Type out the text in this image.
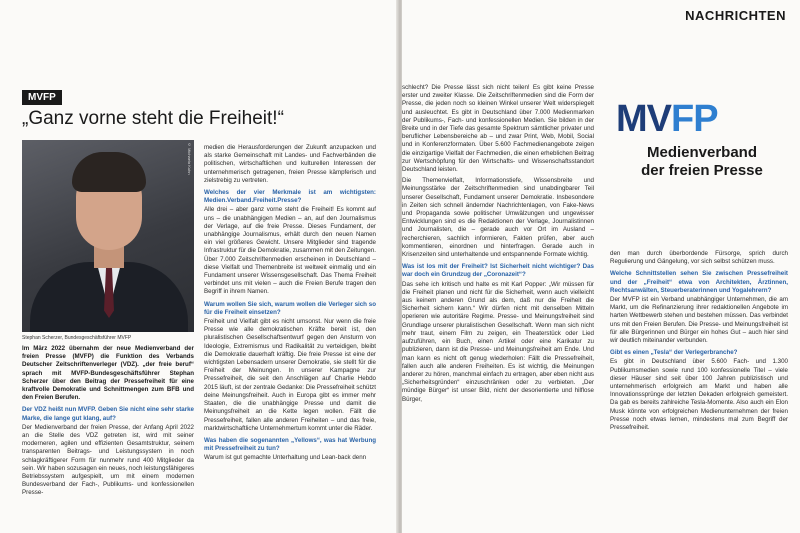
MVFP
„Ganz vorne steht die Freiheit!“
© Michaela Kuhn
Stephan Scherzer, Bundesgeschäftsführer MVFP

Im März 2022 übernahm der neue Medienverband der freien Presse (MVFP) die Funktion des Verbands Deutscher Zeitschriftenverleger (VDZ). „der freie beruf“ sprach mit MVFP-Bundesgeschäftsführer Stephan Scherzer über den Beitrag der Pressefreiheit für eine kraftvolle Demokratie und Schnittmengen zum BFB und den Freien Berufen.

Der VDZ heißt nun MVFP. Geben Sie nicht eine sehr starke Marke, die lange gut klang, auf?

Der Medienverband der freien Presse, der Anfang April 2022 an die Stelle des VDZ getreten ist, wird mit seiner moderneren, agilen und effizienten Gesamtstruktur, seinem transparenten Beitrags- und Leistungssystem in noch schlagkräftigerer Form für nunmehr rund 400 Mitglieder da sein. Wir haben sozusagen ein neues, noch leistungsfähigeres Betriebssystem aufgespielt, um mit einem modernen Bundesverband der Fach-, Publikums- und konfessionellen Presse-

medien die Herausforderungen der Zukunft anzupacken und als starke Gemeinschaft mit Landes- und Fachverbänden die politischen, wirtschaftlichen und kulturellen Interessen der unternehmerisch getragenen, freien Presse kämpferisch und zielstrebig zu vertreten.

Welches der vier Merkmale ist am wichtigsten: Medien.Verband.Freiheit.Presse?

Alle drei – aber ganz vorne steht die Freiheit! Es kommt auf uns – die unabhängigen Medien – an, auf den Journalismus der Verlage, auf die freie Presse. Dieses Fundament, der unabhängige Journalismus, erhält durch den neuen Namen ein viel größeres Gewicht. Unsere Mitglieder sind tragende Infrastruktur für die Demokratie, zusammen mit den Zeitungen. Über 7.000 Zeitschriftenmedien erscheinen in Deutschland – diese Vielfalt und Themenbreite ist weltweit einmalig und ein Fundament unserer Wissensgesellschaft. Das Thema Freiheit verbindet uns mit vielen – auch die Freien Berufe tragen den Begriff in ihrem Namen.

Warum wollen Sie sich, warum wollen die Verleger sich so für die Freiheit einsetzen?

Freiheit und Vielfalt gibt es nicht umsonst. Nur wenn die freie Presse wie alle demokratischen Kräfte bereit ist, den pluralistischen Gesellschaftsentwurf gegen den Ansturm von Ideologie, Extremismus und Radikalität zu verteidigen, bleibt die Demokratie dauerhaft kräftig. Die freie Presse ist eine der wichtigsten Lebensadern unserer Demokratie, sie stellt für die Freiheit der Meinungen. In unserer Kampagne zur Pressefreiheit, die seit den Anschlägen auf Charlie Hebdo 2015 läuft, ist der zentrale Gedanke: Die Pressefreiheit schützt deine Meinungsfreiheit. Auch in Europa gibt es immer mehr Staaten, die die unabhängige Presse und damit die Meinungsfreiheit an die Kette legen wollen. Fällt die Pressefreiheit, fallen alle anderen Freiheiten – und das freie, marktwirtschaftliche Unternehmertum kommt unter die Räder.

Was haben die sogenannten „Yellows“, was hat Werbung mit Pressefreiheit zu tun?

Warum ist gut gemachte Unterhaltung und Lean-back denn

NACHRICHTEN

schlecht? Die Presse lässt sich nicht teilen! Es gibt keine Presse erster und zweiter Klasse. Die Zeitschriftenmedien sind die Form der Presse, die jeden noch so kleinen Winkel unserer Welt widerspiegelt und ausleuchtet. Es gibt in Deutschland über 7.000 Medienmarken der Publikums-, Fach- und konfessionellen Medien. Sie bilden in der Breite und in der Tiefe das gesamte Spektrum sämtlicher privater und beruflicher Lebensbereiche ab – und zwar Print, Web, Mobil, Social und in Konferenzformaten. Über 5.600 Fachmedienangebote zeigen die einzigartige Vielfalt der Fachmedien, die einen erheblichen Beitrag zur Wertschöpfung für den Wirtschafts- und Wissenschaftsstandort Deutschland leisten.

Die Themenvielfalt, Informationstiefe, Wissensbreite und Meinungsstärke der Zeitschriftenmedien sind unabdingbarer Teil unserer Gesellschaft, Fundament unserer Demokratie. Insbesondere in Zeiten sich schnell ändernder Nachrichtenlagen, von Fake-News und Propaganda sowie politischer Umwälzungen und ungewisser Entwicklungen sind es die Redaktionen der Verlage, Journalistinnen und Journalisten, die – gerade auch vor Ort im Ausland – recherchieren, sachlich informieren, Fakten prüfen, aber auch kommentieren, einordnen und hinterfragen. Gerade auch in Krisenzeiten sind unterhaltende und entspannende Formate wichtig.

Was ist los mit der Freiheit? Ist Sicherheit nicht wichtiger? Das war doch ein Grundzug der „Coronazeit“?

Das sehe ich kritisch und halte es mit Karl Popper: „Wir müssen für die Freiheit planen und nicht für die Sicherheit, wenn auch vielleicht aus keinem anderen Grund als dem, daß nur die Freiheit die Sicherheit sichern kann.“ Wir dürfen nicht mit denselben Mitteln operieren wie autoritäre Regime. Presse- und Meinungsfreiheit sind Grundlage unserer pluralistischen Gesellschaft. Wenn man sich nicht mehr traut, einem Film zu zeigen, ein Theaterstück oder Lied aufzuführen, ein Buch, einen Artikel oder eine Karikatur zu publizieren, dann ist die Presse- und Meinungsfreiheit am Ende. Und man kann es nicht oft genug wiederholen: Fällt die Pressefreiheit, fallen auch alle anderen Freiheiten. Es ist wichtig, die Meinungen anderer zu hören, manchmal einfach zu ertragen, aber eben nicht aus „Sicherheitsgründen“ einzuschränken oder zu verbieten. „Der mündige Bürger“ ist unser Bild, nicht der desorientierte und hilflose Bürger,

den man durch überbordende Fürsorge, sprich durch Regulierung und Gängelung, vor sich selbst schützen muss.

Welche Schnittstellen sehen Sie zwischen Pressefreiheit und der „Freiheit“ etwa von Architekten, Ärztinnen, Rechtsanwälten, Steuerberaterinnen und Yogalehrern?

Der MVFP ist ein Verband unabhängiger Unternehmen, die am Markt, um die Refinanzierung ihrer redaktionellen Angebote im harten Wettbewerb stehen und bestehen müssen. Das verbindet uns mit den Freien Berufen. Die Presse- und Meinungsfreiheit ist für alle Bürgerinnen und Bürger ein hohes Gut – auch hier sind wir deutlich miteinander verbunden.

Gibt es einen „Tesla“ der Verlegerbranche?

Es gibt in Deutschland über 5.600 Fach- und 1.300 Publikumsmedien sowie rund 100 konfessionelle Titel – viele dieser Häuser sind seit über 100 Jahren publizistisch und unternehmerisch erfolgreich am Markt und haben alle Innovationssprünge der letzten Dekaden erfolgreich gemeistert. Da gab es bereits zahlreiche Tesla-Momente. Also auch ein Elon Musk könnte von erfolgreichen Medienunternehmen der freien Presse noch etwas lernen, mindestens mal zum Begriff der Pressefreiheit.

MVFP
Medienverband
der freien Presse
